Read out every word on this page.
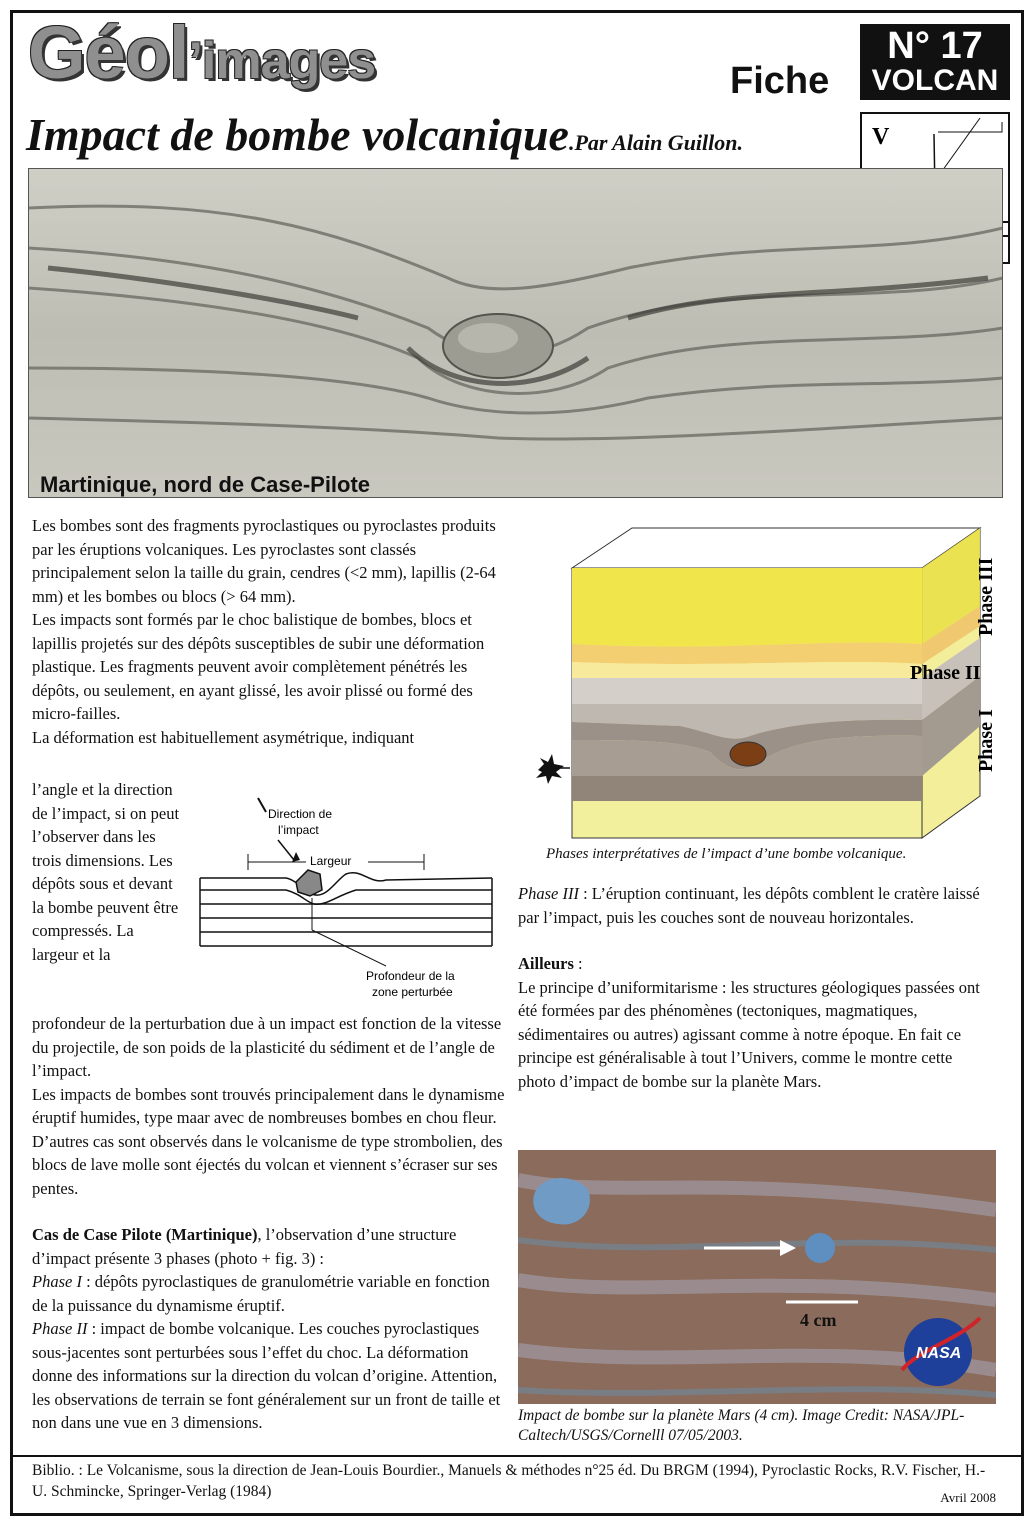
Géol’images	Fiche
N° 17
VOLCAN
Impact de bombe volcanique.Par Alain Guillon.	V
Martinique, nord de Case-Pilote

Les bombes sont des fragments pyroclastiques ou pyroclastes produits par les éruptions volcaniques. Les pyroclastes sont classés principalement selon la taille du grain, cendres (<2 mm), lapillis (2-64 mm) et les bombes ou blocs (> 64 mm).

Les impacts sont formés par le choc balistique de bombes, blocs et lapillis projetés sur des dépôts susceptibles de subir une déformation plastique. Les fragments peuvent avoir complètement pénétrés les dépôts, ou seulement, en ayant glissé, les avoir plissé ou formé des micro-failles.

La déformation est habituellement asymétrique, indiquant

l’angle et la direction de l’impact, si on peut l’observer dans les trois dimensions. Les dépôts sous et devant la bombe peuvent être compressés. La largeur et la
Direction de
l’impact
Largeur
Profondeur de la
zone perturbée

profondeur de la perturbation due à un impact est fonction de la vitesse du projectile, de son poids de la plasticité du sédiment et de l’angle de l’impact.

Les impacts de bombes sont trouvés principalement dans le dynamisme éruptif humides, type maar avec de nombreuses bombes en chou fleur. D’autres cas sont observés dans le volcanisme de type strombolien, des blocs de lave molle sont éjectés du volcan et viennent s’écraser sur ses pentes.

Cas de Case Pilote (Martinique), l’observation d’une structure d’impact présente 3 phases (photo + fig. 3) :

Phase I : dépôts pyroclastiques de granulométrie variable en fonction de la puissance du dynamisme éruptif.

Phase II : impact de bombe volcanique. Les couches pyroclastiques sous-jacentes sont perturbées sous l’effet du choc. La déformation donne des informations sur la direction du volcan d’origine. Attention, les observations de terrain se font généralement sur un front de taille et non dans une vue en 3 dimensions.

Phase III
Phase II
Phase I
Phases interprétatives de l’impact d’une bombe volcanique.

Phase III : L’éruption continuant, les dépôts comblent le cratère laissé par l’impact, puis les couches sont de nouveau horizontales.

Ailleurs :

Le principe d’uniformitarisme : les structures géologiques passées ont été formées par des phénomènes (tectoniques, magmatiques, sédimentaires ou autres) agissant comme à notre époque. En fait ce principe est généralisable à tout l’Univers, comme le montre cette photo d’impact de bombe sur la planète Mars.

4 cm
NASA
Impact de bombe sur la planète Mars (4 cm). Image Credit: NASA/JPL-Caltech/USGS/Cornelll 07/05/2003.
Biblio. : Le Volcanisme, sous la direction de Jean-Louis Bourdier., Manuels & méthodes n°25 éd. Du BRGM (1994), Pyroclastic Rocks, R.V. Fischer, H.-U. Schmincke, Springer-Verlag (1984)	Avril 2008
